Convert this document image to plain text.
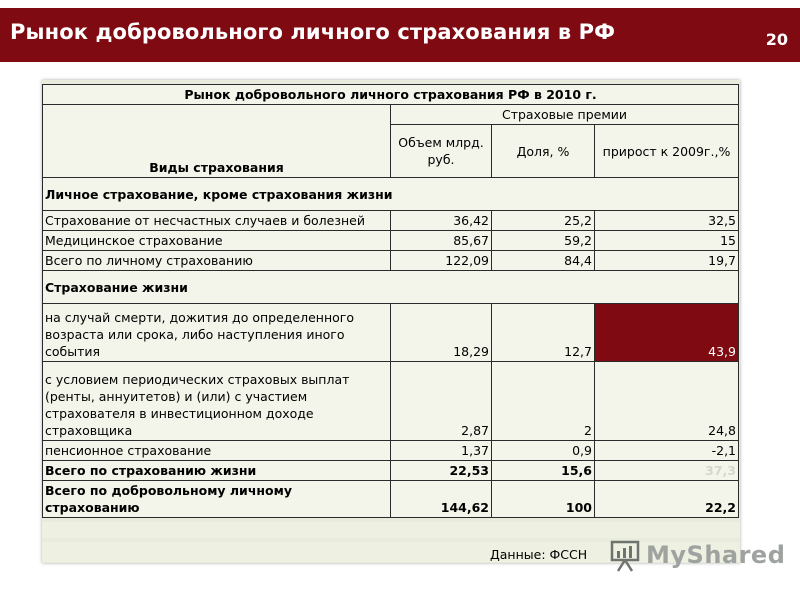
Рынок добровольного личного страхования в РФ	20
Рынок добровольного личного страхования РФ в 2010 г.			
Виды страхования	Страховые премии		
	Объем млрд. руб.	Доля, %	прирост к 2009г.,%
Личное страхование, кроме страхования жизни			
Страхование от несчастных случаев и болезней	36,42	25,2	32,5
Медицинское страхование	85,67	59,2	15
Всего по личному страхованию	122,09	84,4	19,7
Страхование жизни			
на случай смерти, дожития до определенного возраста или срока, либо наступления иного события	18,29	12,7	43,9
с условием периодических страховых выплат (ренты, аннуитетов) и (или) с участием страхователя в инвестиционном доходе страховщика	2,87	2	24,8
пенсионное страхование	1,37	0,9	-2,1
Всего по страхованию жизни	22,53	15,6	37,3
Всего по добровольному личному страхованию	144,62	100	22,2
Данные: ФССН MyShared
